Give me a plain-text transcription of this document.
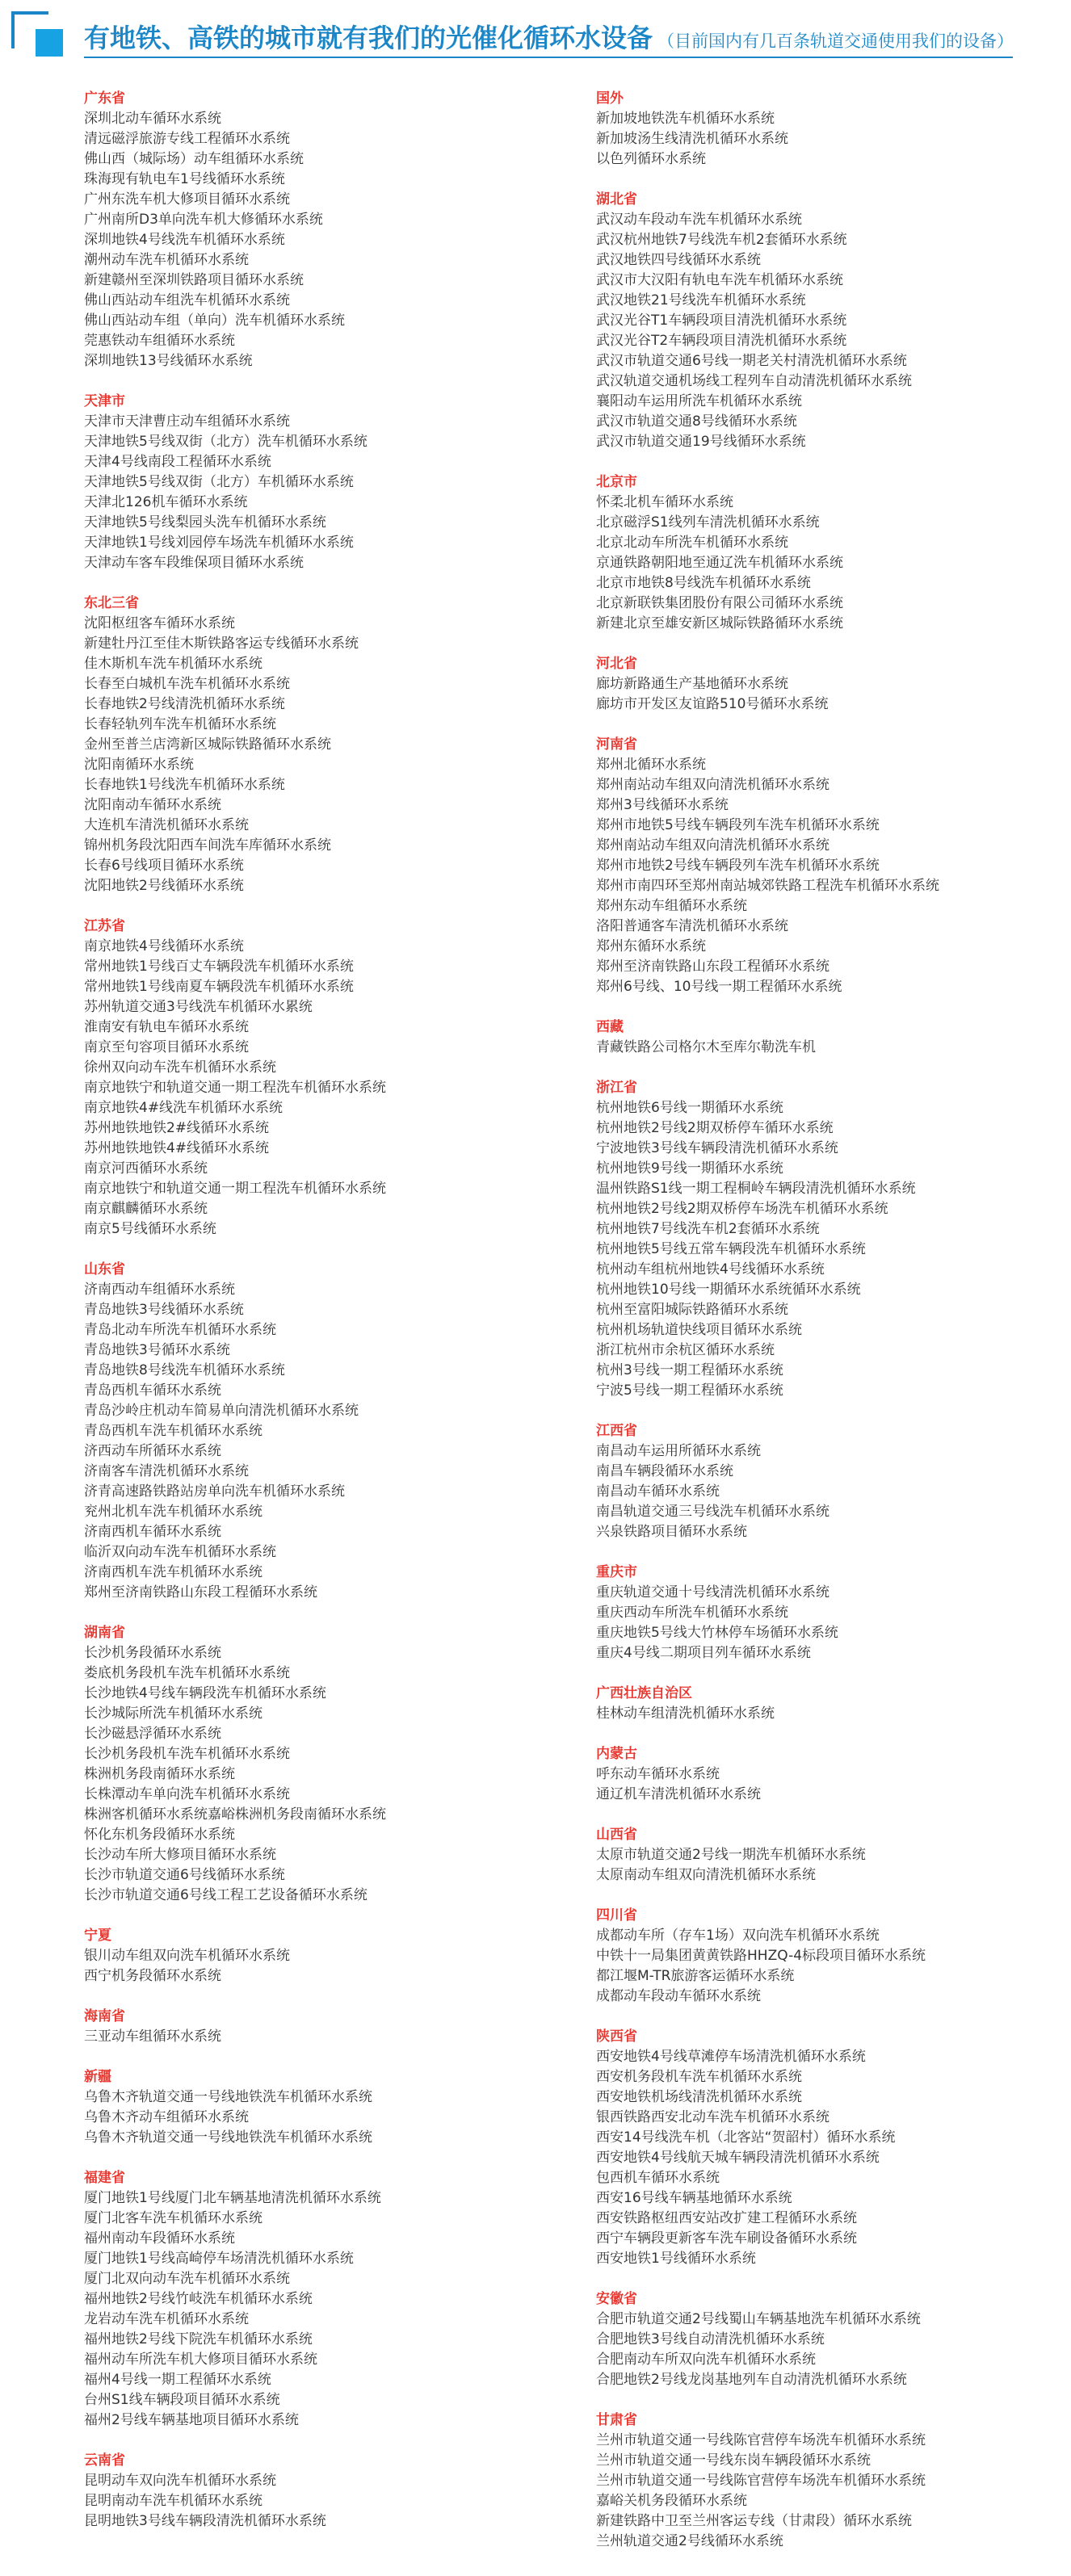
有地铁、高铁的城市就有我们的光催化循环水设备 （目前国内有几百条轨道交通使用我们的设备）
广东省
深圳北动车循环水系统
清远磁浮旅游专线工程循环水系统
佛山西（城际场）动车组循环水系统
珠海现有轨电车1号线循环水系统
广州东洗车机大修项目循环水系统
广州南所D3单向洗车机大修循环水系统
深圳地铁4号线洗车机循环水系统
潮州动车洗车机循环水系统
新建赣州至深圳铁路项目循环水系统
佛山西站动车组洗车机循环水系统
佛山西站动车组（单向）洗车机循环水系统
莞惠铁动车组循环水系统
深圳地铁13号线循环水系统
天津市
天津市天津曹庄动车组循环水系统
天津地铁5号线双街（北方）洗车机循环水系统
天津4号线南段工程循环水系统
天津地铁5号线双街（北方）车机循环水系统
天津北126机车循环水系统
天津地铁5号线梨园头洗车机循环水系统
天津地铁1号线刘园停车场洗车机循环水系统
天津动车客车段维保项目循环水系统
东北三省
沈阳枢纽客车循环水系统
新建牡丹江至佳木斯铁路客运专线循环水系统
佳木斯机车洗车机循环水系统
长春至白城机车洗车机循环水系统
长春地铁2号线清洗机循环水系统
长春轻轨列车洗车机循环水系统
金州至普兰店湾新区城际铁路循环水系统
沈阳南循环水系统
长春地铁1号线洗车机循环水系统
沈阳南动车循环水系统
大连机车清洗机循环水系统
锦州机务段沈阳西车间洗车库循环水系统
长春6号线项目循环水系统
沈阳地铁2号线循环水系统
江苏省
南京地铁4号线循环水系统
常州地铁1号线百丈车辆段洗车机循环水系统
常州地铁1号线南夏车辆段洗车机循环水系统
苏州轨道交通3号线洗车机循环水累统
淮南安有轨电车循环水系统
南京至句容项目循环水系统
徐州双向动车洗车机循环水系统
南京地铁宁和轨道交通一期工程洗车机循环水系统
南京地铁4#线洗车机循环水系统
苏州地铁地铁2#线循环水系统
苏州地铁地铁4#线循环水系统
南京河西循环水系统
南京地铁宁和轨道交通一期工程洗车机循环水系统
南京麒麟循环水系统
南京5号线循环水系统
山东省
济南西动车组循环水系统
青岛地铁3号线循环水系统
青岛北动车所洗车机循环水系统
青岛地铁3号循环水系统
青岛地铁8号线洗车机循环水系统
青岛西机车循环水系统
青岛沙岭庄机动车简易单向清洗机循环水系统
青岛西机车洗车机循环水系统
济西动车所循环水系统
济南客车清洗机循环水系统
济青高速路铁路站房单向洗车机循环水系统
兖州北机车洗车机循环水系统
济南西机车循环水系统
临沂双向动车洗车机循环水系统
济南西机车洗车机循环水系统
郑州至济南铁路山东段工程循环水系统
湖南省
长沙机务段循环水系统
娄底机务段机车洗车机循环水系统
长沙地铁4号线车辆段洗车机循环水系统
长沙城际所洗车机循环水系统
长沙磁悬浮循环水系统
长沙机务段机车洗车机循环水系统
株洲机务段南循环水系统
长株潭动车单向洗车机循环水系统
株洲客机循环水系统嘉峪株洲机务段南循环水系统
怀化东机务段循环水系统
长沙动车所大修项目循环水系统
长沙市轨道交通6号线循环水系统
长沙市轨道交通6号线工程工艺设备循环水系统
宁夏
银川动车组双向洗车机循环水系统
西宁机务段循环水系统
海南省
三亚动车组循环水系统
新疆
乌鲁木齐轨道交通一号线地铁洗车机循环水系统
乌鲁木齐动车组循环水系统
乌鲁木齐轨道交通一号线地铁洗车机循环水系统
福建省
厦门地铁1号线厦门北车辆基地清洗机循环水系统
厦门北客车洗车机循环水系统
福州南动车段循环水系统
厦门地铁1号线高崎停车场清洗机循环水系统
厦门北双向动车洗车机循环水系统
福州地铁2号线竹岐洗车机循环水系统
龙岩动车洗车机循环水系统
福州地铁2号线下院洗车机循环水系统
福州动车所洗车机大修项目循环水系统
福州4号线一期工程循环水系统
台州S1线车辆段项目循环水系统
福州2号线车辆基地项目循环水系统
云南省
昆明动车双向洗车机循环水系统
昆明南动车洗车机循环水系统
昆明地铁3号线车辆段清洗机循环水系统
国外
新加坡地铁洗车机循环水系统
新加坡汤生线清洗机循环水系统
以色列循环水系统
湖北省
武汉动车段动车洗车机循环水系统
武汉杭州地铁7号线洗车机2套循环水系统
武汉地铁四号线循环水系统
武汉市大汉阳有轨电车洗车机循环水系统
武汉地铁21号线洗车机循环水系统
武汉光谷T1车辆段项目清洗机循环水系统
武汉光谷T2车辆段项目清洗机循环水系统
武汉市轨道交通6号线一期老关村清洗机循环水系统
武汉轨道交通机场线工程列车自动清洗机循环水系统
襄阳动车运用所洗车机循环水系统
武汉市轨道交通8号线循环水系统
武汉市轨道交通19号线循环水系统
北京市
怀柔北机车循环水系统
北京磁浮S1线列车清洗机循环水系统
北京北动车所洗车机循环水系统
京通铁路朝阳地至通辽洗车机循环水系统
北京市地铁8号线洗车机循环水系统
北京新联铁集团股份有限公司循环水系统
新建北京至雄安新区城际铁路循环水系统
河北省
廊坊新路通生产基地循环水系统
廊坊市开发区友谊路510号循环水系统
河南省
郑州北循环水系统
郑州南站动车组双向清洗机循环水系统
郑州3号线循环水系统
郑州市地铁5号线车辆段列车洗车机循环水系统
郑州南站动车组双向清洗机循环水系统
郑州市地铁2号线车辆段列车洗车机循环水系统
郑州市南四环至郑州南站城郊铁路工程洗车机循环水系统
郑州东动车组循环水系统
洛阳普通客车清洗机循环水系统
郑州东循环水系统
郑州至济南铁路山东段工程循环水系统
郑州6号线、10号线一期工程循环水系统
西藏
青藏铁路公司格尔木至库尔勒洗车机
浙江省
杭州地铁6号线一期循环水系统
杭州地铁2号线2期双桥停车循环水系统
宁波地铁3号线车辆段清洗机循环水系统
杭州地铁9号线一期循环水系统
温州铁路S1线一期工程桐岭车辆段清洗机循环水系统
杭州地铁2号线2期双桥停车场洗车机循环水系统
杭州地铁7号线洗车机2套循环水系统
杭州地铁5号线五常车辆段洗车机循环水系统
杭州动车组杭州地铁4号线循环水系统
杭州地铁10号线一期循环水系统循环水系统
杭州至富阳城际铁路循环水系统
杭州机场轨道快线项目循环水系统
浙江杭州市余杭区循环水系统
杭州3号线一期工程循环水系统
宁波5号线一期工程循环水系统
江西省
南昌动车运用所循环水系统
南昌车辆段循环水系统
南昌动车循环水系统
南昌轨道交通三号线洗车机循环水系统
兴泉铁路项目循环水系统
重庆市
重庆轨道交通十号线清洗机循环水系统
重庆西动车所洗车机循环水系统
重庆地铁5号线大竹林停车场循环水系统
重庆4号线二期项目列车循环水系统
广西壮族自治区
桂林动车组清洗机循环水系统
内蒙古
呼东动车循环水系统
通辽机车清洗机循环水系统
山西省
太原市轨道交通2号线一期洗车机循环水系统
太原南动车组双向清洗机循环水系统
四川省
成都动车所（存车1场）双向洗车机循环水系统
中铁十一局集团黄黄铁路HHZQ-4标段项目循环水系统
都江堰M-TR旅游客运循环水系统
成都动车段动车循环水系统
陕西省
西安地铁4号线草滩停车场清洗机循环水系统
西安机务段机车洗车机循环水系统
西安地铁机场线清洗机循环水系统
银西铁路西安北动车洗车机循环水系统
西安14号线洗车机（北客站“贺韶村）循环水系统
西安地铁4号线航天城车辆段清洗机循环水系统
包西机车循环水系统
西安16号线车辆基地循环水系统
西安铁路枢纽西安站改扩建工程循环水系统
西宁车辆段更新客车洗车刷设备循环水系统
西安地铁1号线循环水系统
安徽省
合肥市轨道交通2号线蜀山车辆基地洗车机循环水系统
合肥地铁3号线自动清洗机循环水系统
合肥南动车所双向洗车机循环水系统
合肥地铁2号线龙岗基地列车自动清洗机循环水系统
甘肃省
兰州市轨道交通一号线陈官营停车场洗车机循环水系统
兰州市轨道交通一号线东岗车辆段循环水系统
兰州市轨道交通一号线陈官营停车场洗车机循环水系统
嘉峪关机务段循环水系统
新建铁路中卫至兰州客运专线（甘肃段）循环水系统
兰州轨道交通2号线循环水系统
